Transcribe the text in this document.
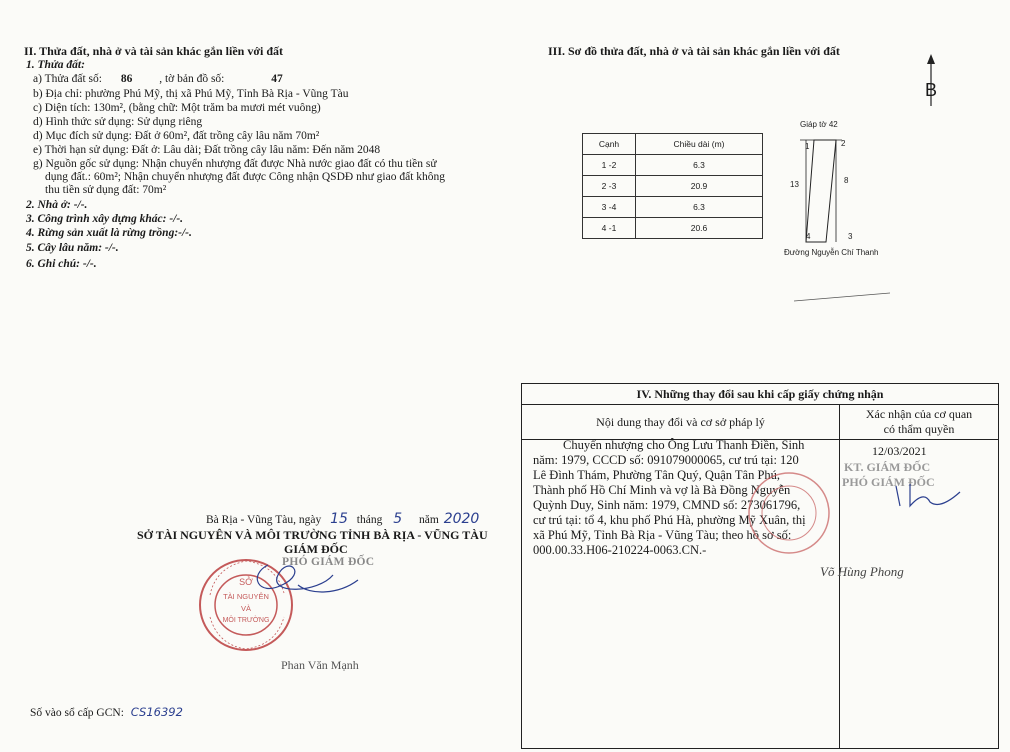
II. Thửa đất, nhà ở và tài sản khác gắn liền với đất
1. Thửa đất:
a) Thửa đất số: 86 , tờ bản đồ số:	47
b) Địa chỉ: phường Phú Mỹ, thị xã Phú Mỹ, Tỉnh Bà Rịa - Vũng Tàu
c) Diện tích: 130m², (bằng chữ: Một trăm ba mươi mét vuông)
d) Hình thức sử dụng: Sử dụng riêng
d) Mục đích sử dụng: Đất ở 60m², đất trồng cây lâu năm 70m²
e) Thời hạn sử dụng: Đất ở: Lâu dài; Đất trồng cây lâu năm: Đến năm 2048
g) Nguồn gốc sử dụng: Nhận chuyển nhượng đất được Nhà nước giao đất có thu tiền sử
dụng đất.: 60m²; Nhận chuyển nhượng đất được Công nhận QSDĐ như giao đất không
thu tiền sử dụng đất: 70m²
2. Nhà ở: -/-.
3. Công trình xây dựng khác: -/-.
4. Rừng sản xuất là rừng trồng:-/-.
5. Cây lâu năm: -/-.
6. Ghi chú: -/-.
Bà Rịa - Vũng Tàu, ngày 15 tháng 5 năm 2020
SỞ TÀI NGUYÊN VÀ MÔI TRƯỜNG TỈNH BÀ RỊA - VŨNG TÀU
GIÁM ĐỐC
PHÓ GIÁM ĐỐC
SỞ
TÀI NGUYÊN
VÀ
MÔI TRƯỜNG
Phan Văn Mạnh
Số vào sổ cấp GCN: CS16392
III. Sơ đồ thửa đất, nhà ở và tài sản khác gắn liền với đất
B
Cạnh	Chiều dài (m)
1 -2	6.3
2 -3	20.9
3 -4	6.3
4 -1	20.6
Giáp tờ 42
1	2
3
4
13	8
Đường Nguyễn Chí Thanh
IV. Những thay đổi sau khi cấp giấy chứng nhận
Nội dung thay đổi và cơ sở pháp lý
Xác nhận của cơ quan
có thẩm quyền
Chuyển nhượng cho Ông Lưu Thanh Điền, Sinh
năm: 1979, CCCD số: 091079000065, cư trú tại: 120
Lê Đình Thám, Phường Tân Quý, Quận Tân Phú,
Thành phố Hồ Chí Minh và vợ là Bà Đồng Nguyễn
Quỳnh Duy, Sinh năm: 1979, CMND số: 273061796,
cư trú tại: tổ 4, khu phố Phú Hà, phường Mỹ Xuân, thị
xã Phú Mỹ, Tỉnh Bà Rịa - Vũng Tàu; theo hồ sơ số:
000.00.33.H06-210224-0063.CN.-
12/03/2021
KT. GIÁM ĐỐC
PHÓ GIÁM ĐỐC
Võ Hùng Phong
